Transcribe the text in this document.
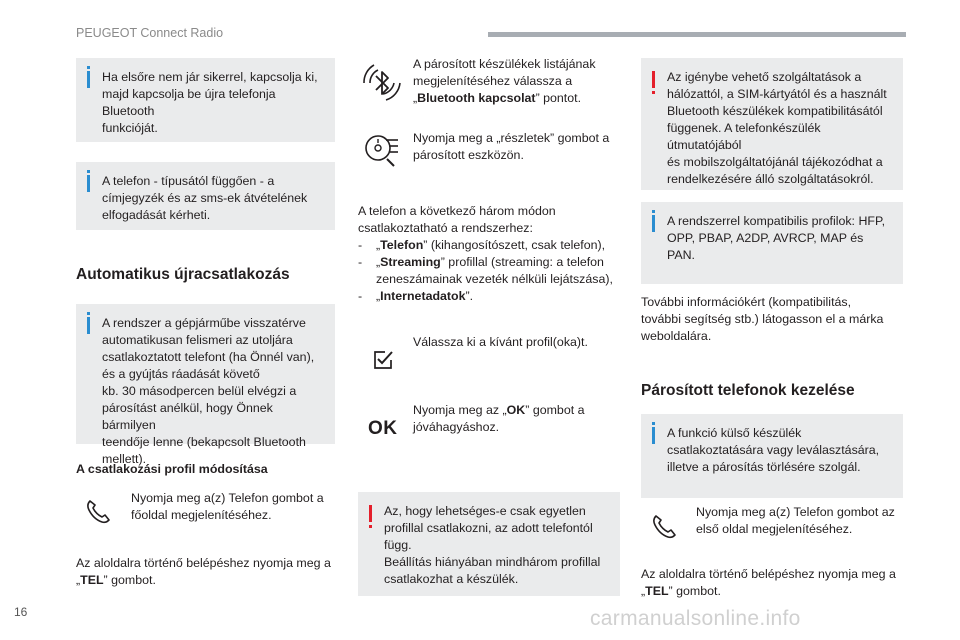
PEUGEOT Connect Radio

Ha elsőre nem jár sikerrel, kapcsolja ki,
majd kapcsolja be újra telefonja Bluetooth
funkcióját.

A telefon - típusától függően - a
címjegyzék és az sms-ek átvételének
elfogadását kérheti.

Automatikus újracsatlakozás

A rendszer a gépjárműbe visszatérve
automatikusan felismeri az utoljára
csatlakoztatott telefont (ha Önnél van),
és a gyújtás ráadását követő
kb. 30 másodpercen belül elvégzi a
párosítást anélkül, hogy Önnek bármilyen
teendője lenne (bekapcsolt Bluetooth
mellett).

A csatlakozási profil módosítása
Nyomja meg a(z) Telefon gombot a
főoldal megjelenítéséhez.
Az aloldalra történő belépéshez nyomja meg a
„TEL” gombot.
A párosított készülékek listájának
megjelenítéséhez válassza a
„Bluetooth kapcsolat” pontot.
Nyomja meg a „részletek” gombot a
párosított eszközön.
A telefon a következő három módon
csatlakoztatható a rendszerhez:
- „Telefon” (kihangosítószett, csak telefon),
- „Streaming” profillal (streaming: a telefon zeneszámainak vezeték nélküli lejátszása),
- „Internetadatok”.
Válassza ki a kívánt profil(oka)t.
OK
Nyomja meg az „OK” gombot a
jóváhagyáshoz.

Az, hogy lehetséges-e csak egyetlen
profillal csatlakozni, az adott telefontól
függ.
Beállítás hiányában mindhárom profillal
csatlakozhat a készülék.

Az igénybe vehető szolgáltatások a
hálózattól, a SIM-kártyától és a használt
Bluetooth készülékek kompatibilitásától
függenek. A telefonkészülék útmutatójából
és mobilszolgáltatójánál tájékozódhat a
rendelkezésére álló szolgáltatásokról.

A rendszerrel kompatibilis profilok: HFP,
OPP, PBAP, A2DP, AVRCP, MAP és PAN.

További információkért (kompatibilitás,
további segítség stb.) látogasson el a márka
weboldalára.
Párosított telefonok kezelése

A funkció külső készülék
csatlakoztatására vagy leválasztására,
illetve a párosítás törlésére szolgál.

Nyomja meg a(z) Telefon gombot az
első oldal megjelenítéséhez.
Az aloldalra történő belépéshez nyomja meg a
„TEL” gombot.
16	carmanualsonline.info
